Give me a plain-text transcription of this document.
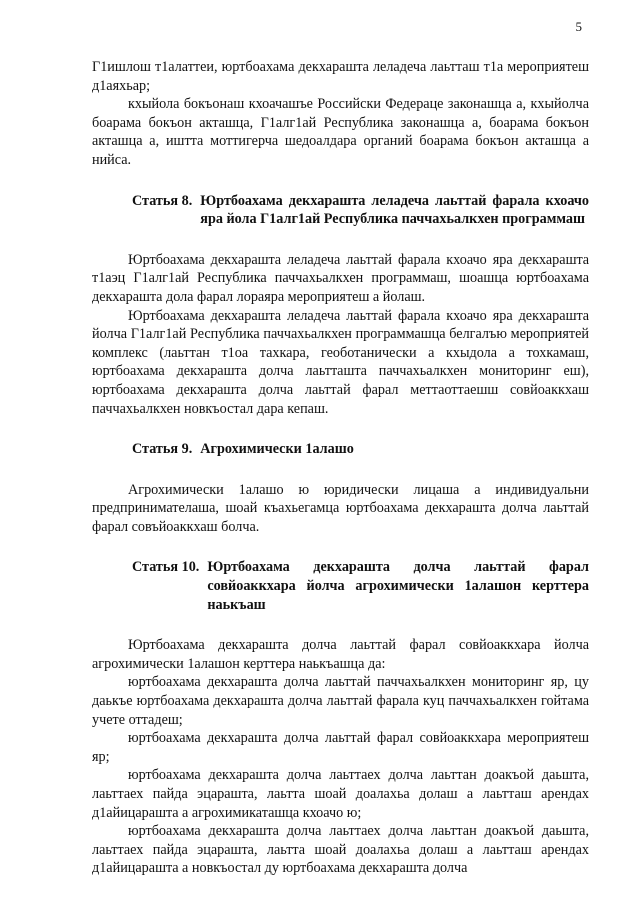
5

Г1ишлош т1алаттеи, юртбоахама декхараштa леладеча лаьтташ т1а мероприятеш д1аяхьар;

кхыйола бокъонаш кхоачашъе Российски Федераце законашца а, кхыйолча боарама бокъон акташца, Г1алг1ай Республика законашца а, боарама бокъон акташца а, иштта моттигерча шедоалдара органий боарама бокъон акташца а нийса.

Статья 8. Юртбоахама декхараштa леладеча лаьттай фарала кхоачо яра йола Г1алг1ай Республика паччахьалкхен программаш

Юртбоахама декхараштa леладеча лаьттай фарала кхоачо яра декхараштa т1аэц Г1алг1ай Республика паччахьалкхен программаш, шоашца юртбоахама декхараштa дола фарал лораяра мероприятеш а йолаш.

Юртбоахама декхараштa леладеча лаьттай фарала кхоачо яра декхараштa йолча Г1алг1ай Республика паччахьалкхен программашца белгалъю мероприятей комплекс (лаьттан т1оа тахкара, геоботанически а кхыдола а тохкамаш, юртбоахама декхараштa долча лаьттaштa паччахьалкхен мониторинг еш), юртбоахама декхараштa долча лаьттай фарал меттаоттаешш совйоаккхаш паччахьалкхен новкъостал дара кепаш.

Статья 9. Агрохимически 1алашо

Агрохимически 1алашо ю юридически лицаша а индивидуальни предпринимателаша, шоай къахьегамца юртбоахама декхараштa долча лаьттай фарал совъйоаккхаш болча.

Статья 10. Юртбоахама декхараштa долча лаьттай фарал совйоаккхара йолча агрохимически 1алашон керттера наькъаш

Юртбоахама декхараштa долча лаьттай фарал совйоаккхара йолча агрохимически 1алашон керттера наькъашца да:

юртбоахама декхараштa долча лаьттай паччахьалкхен мониторинг яр, цу даькъе юртбоахама декхараштa долча лаьттай фарала куц паччахьалкхен гойтама учете оттадеш;

юртбоахама декхараштa долча лаьттай фарал совйоаккхара мероприятеш яр;

юртбоахама декхараштa долча лаьттаех долча лаьттан доакъой даьшта, лаьттаех пайда эцараштa, лаьтта шоай доалахьа долаш а лаьтташ арендах д1айицараштa а агрохимикаташца кхоачо ю;

юртбоахама декхараштa долча лаьттаех долча лаьттан доакъой даьшта, лаьттаех пайда эцараштa, лаьтта шоай доалахьа долаш а лаьтташ арендах д1айицараштa а новкъостал ду юртбоахама декхараштa долча
